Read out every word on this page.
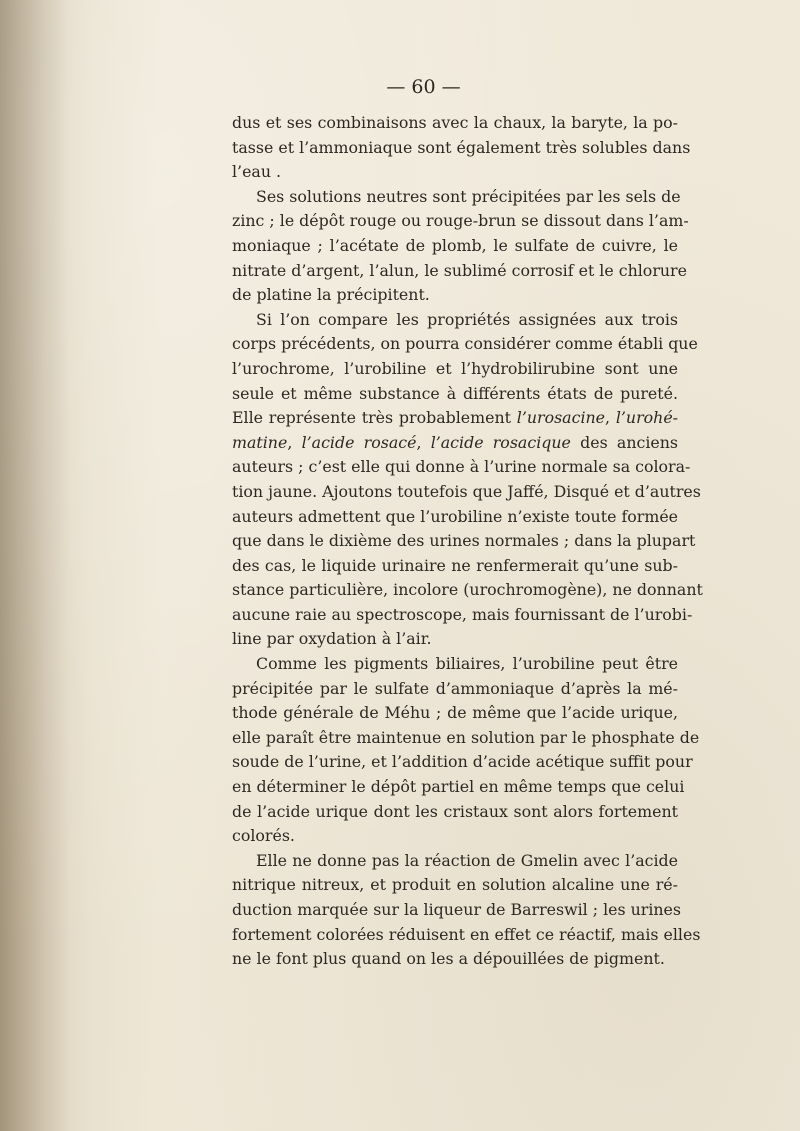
— 60 —
dus et ses combinaisons avec la chaux, la baryte, la po-
tasse et l’ammoniaque sont également très solubles dans
l’eau .
Ses solutions neutres sont précipitées par les sels de
zinc ; le dépôt rouge ou rouge-brun se dissout dans l’am-
moniaque ; l’acétate de plomb, le sulfate de cuivre, le
nitrate d’argent, l’alun, le sublimé corrosif et le chlorure
de platine la précipitent.
Si l’on compare les propriétés assignées aux trois
corps précédents, on pourra considérer comme établi que
l’urochrome, l’urobiline et l’hydrobilirubine sont une
seule et même substance à différents états de pureté.
Elle représente très probablement l’urosacine, l’urohé-
matine, l’acide rosacé, l’acide rosacique des anciens
auteurs ; c’est elle qui donne à l’urine normale sa colora-
tion jaune. Ajoutons toutefois que Jaffé, Disqué et d’autres
auteurs admettent que l’urobiline n’existe toute formée
que dans le dixième des urines normales ; dans la plupart
des cas, le liquide urinaire ne renfermerait qu’une sub-
stance particulière, incolore (urochromogène), ne donnant
aucune raie au spectroscope, mais fournissant de l’urobi-
line par oxydation à l’air.
Comme les pigments biliaires, l’urobiline peut être
précipitée par le sulfate d’ammoniaque d’après la mé-
thode générale de Méhu ; de même que l’acide urique,
elle paraît être maintenue en solution par le phosphate de
soude de l’urine, et l’addition d’acide acétique suffit pour
en déterminer le dépôt partiel en même temps que celui
de l’acide urique dont les cristaux sont alors fortement
colorés.
Elle ne donne pas la réaction de Gmelin avec l’acide
nitrique nitreux, et produit en solution alcaline une ré-
duction marquée sur la liqueur de Barreswil ; les urines
fortement colorées réduisent en effet ce réactif, mais elles
ne le font plus quand on les a dépouillées de pigment.
